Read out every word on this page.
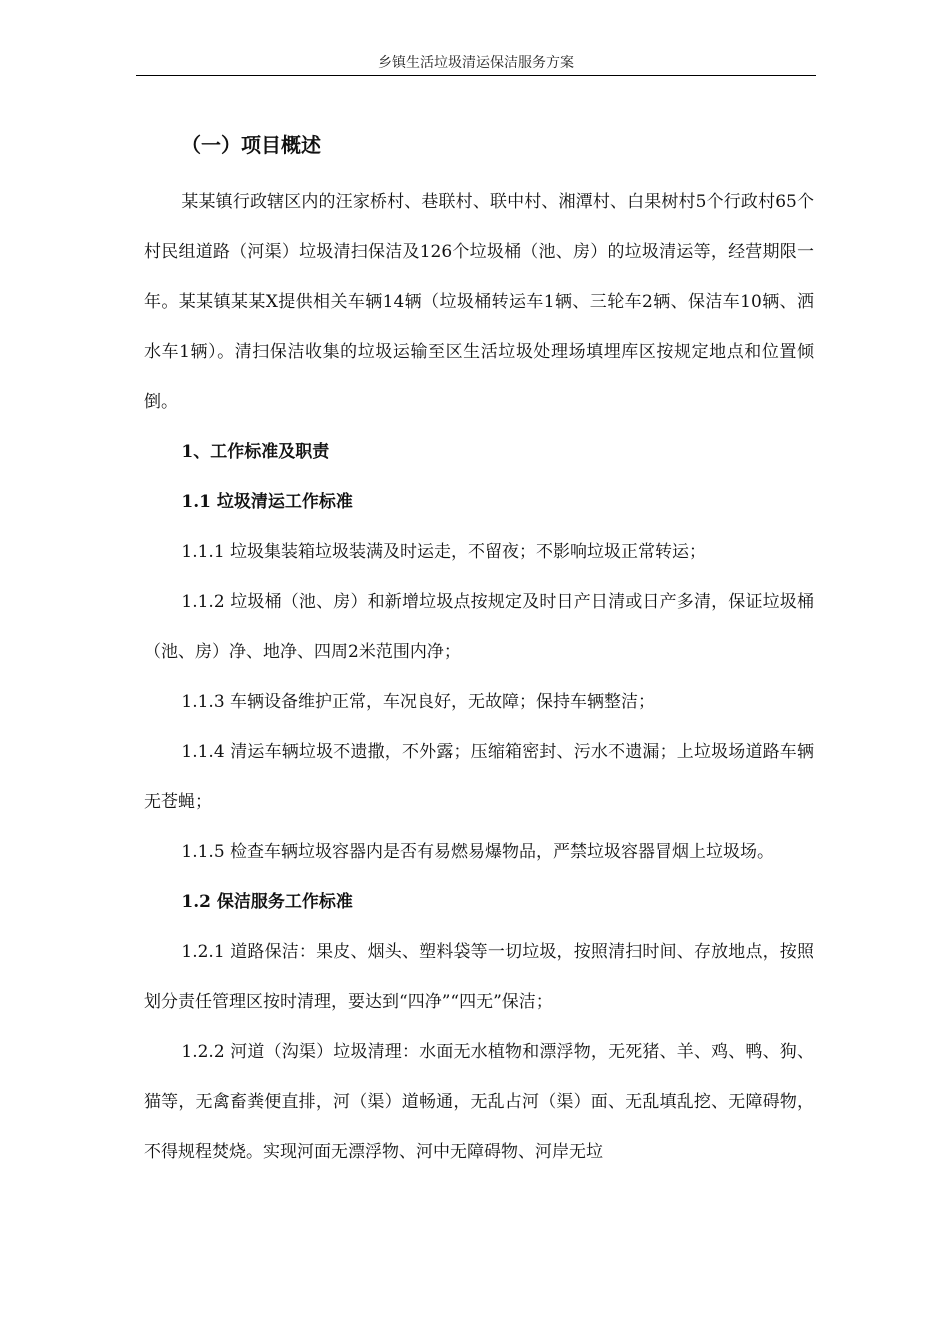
乡镇生活垃圾清运保洁服务方案
（一）项目概述

某某镇行政辖区内的汪家桥村、巷联村、联中村、湘潭村、白果树村5个行政村65个村民组道路（河渠）垃圾清扫保洁及126个垃圾桶（池、房）的垃圾清运等，经营期限一年。某某镇某某X提供相关车辆14辆（垃圾桶转运车1辆、三轮车2辆、保洁车10辆、洒水车1辆）。清扫保洁收集的垃圾运输至区生活垃圾处理场填埋库区按规定地点和位置倾倒。

1、工作标准及职责

1.1 垃圾清运工作标准

1.1.1 垃圾集装箱垃圾装满及时运走，不留夜；不影响垃圾正常转运；

1.1.2 垃圾桶（池、房）和新增垃圾点按规定及时日产日清或日产多清，保证垃圾桶（池、房）净、地净、四周2米范围内净；

1.1.3 车辆设备维护正常，车况良好，无故障；保持车辆整洁；

1.1.4 清运车辆垃圾不遗撒，不外露；压缩箱密封、污水不遗漏；上垃圾场道路车辆无苍蝇；

1.1.5 检查车辆垃圾容器内是否有易燃易爆物品，严禁垃圾容器冒烟上垃圾场。

1.2 保洁服务工作标准

1.2.1 道路保洁：果皮、烟头、塑料袋等一切垃圾，按照清扫时间、存放地点，按照划分责任管理区按时清理，要达到“四净”“四无”保洁；

1.2.2 河道（沟渠）垃圾清理：水面无水植物和漂浮物，无死猪、羊、鸡、鸭、狗、猫等，无禽畜粪便直排，河（渠）道畅通，无乱占河（渠）面、无乱填乱挖、无障碍物，不得规程焚烧。实现河面无漂浮物、河中无障碍物、河岸无垃
